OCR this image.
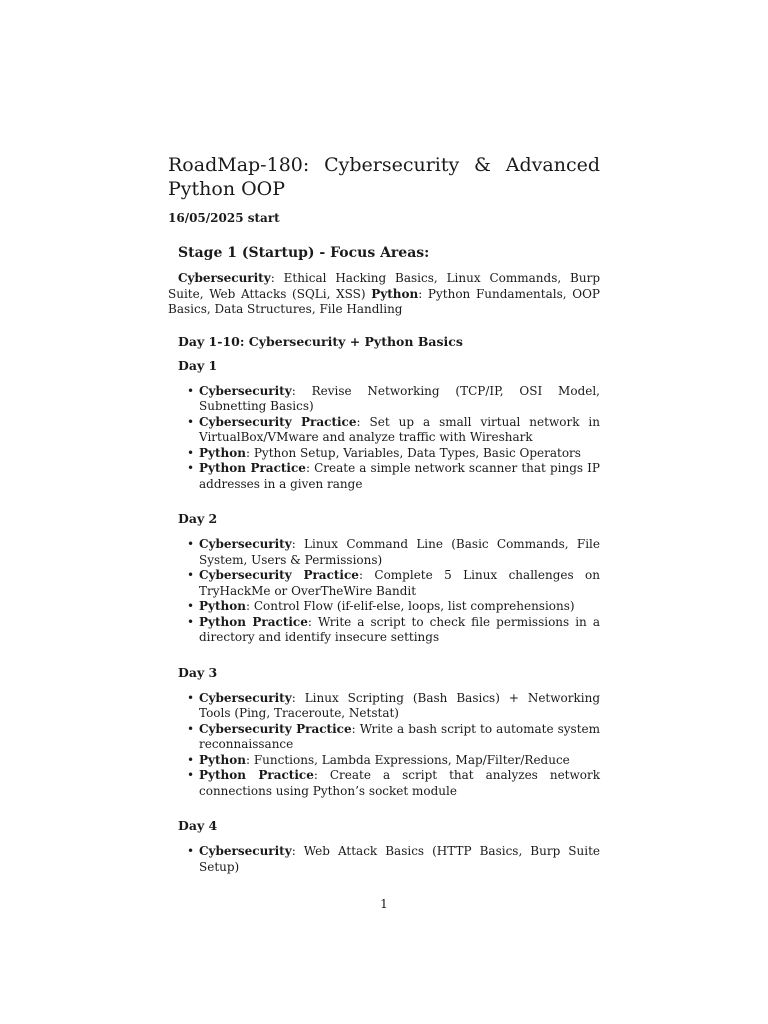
RoadMap-180: Cybersecurity & Advanced
Python OOP
16/05/2025 start
Stage 1 (Startup) - Focus Areas:
Cybersecurity: Ethical Hacking Basics, Linux Commands, Burp Suite, Web Attacks (SQLi, XSS) Python: Python Fundamentals, OOP Basics, Data Structures, File Handling
Day 1-10: Cybersecurity + Python Basics
Day 1
• Cybersecurity: Revise Networking (TCP/IP, OSI Model, Subnetting Basics)
• Cybersecurity Practice: Set up a small virtual network in VirtualBox/VMware and analyze traffic with Wireshark
• Python: Python Setup, Variables, Data Types, Basic Operators
• Python Practice: Create a simple network scanner that pings IP addresses in a given range
Day 2
• Cybersecurity: Linux Command Line (Basic Commands, File System, Users & Permissions)
• Cybersecurity Practice: Complete 5 Linux challenges on TryHackMe or OverTheWire Bandit
• Python: Control Flow (if-elif-else, loops, list comprehensions)
• Python Practice: Write a script to check file permissions in a directory and identify insecure settings
Day 3
• Cybersecurity: Linux Scripting (Bash Basics) + Networking Tools (Ping, Traceroute, Netstat)
• Cybersecurity Practice: Write a bash script to automate system reconnaissance
• Python: Functions, Lambda Expressions, Map/Filter/Reduce
• Python Practice: Create a script that analyzes network connections using Python’s socket module
Day 4
• Cybersecurity: Web Attack Basics (HTTP Basics, Burp Suite Setup)
1
